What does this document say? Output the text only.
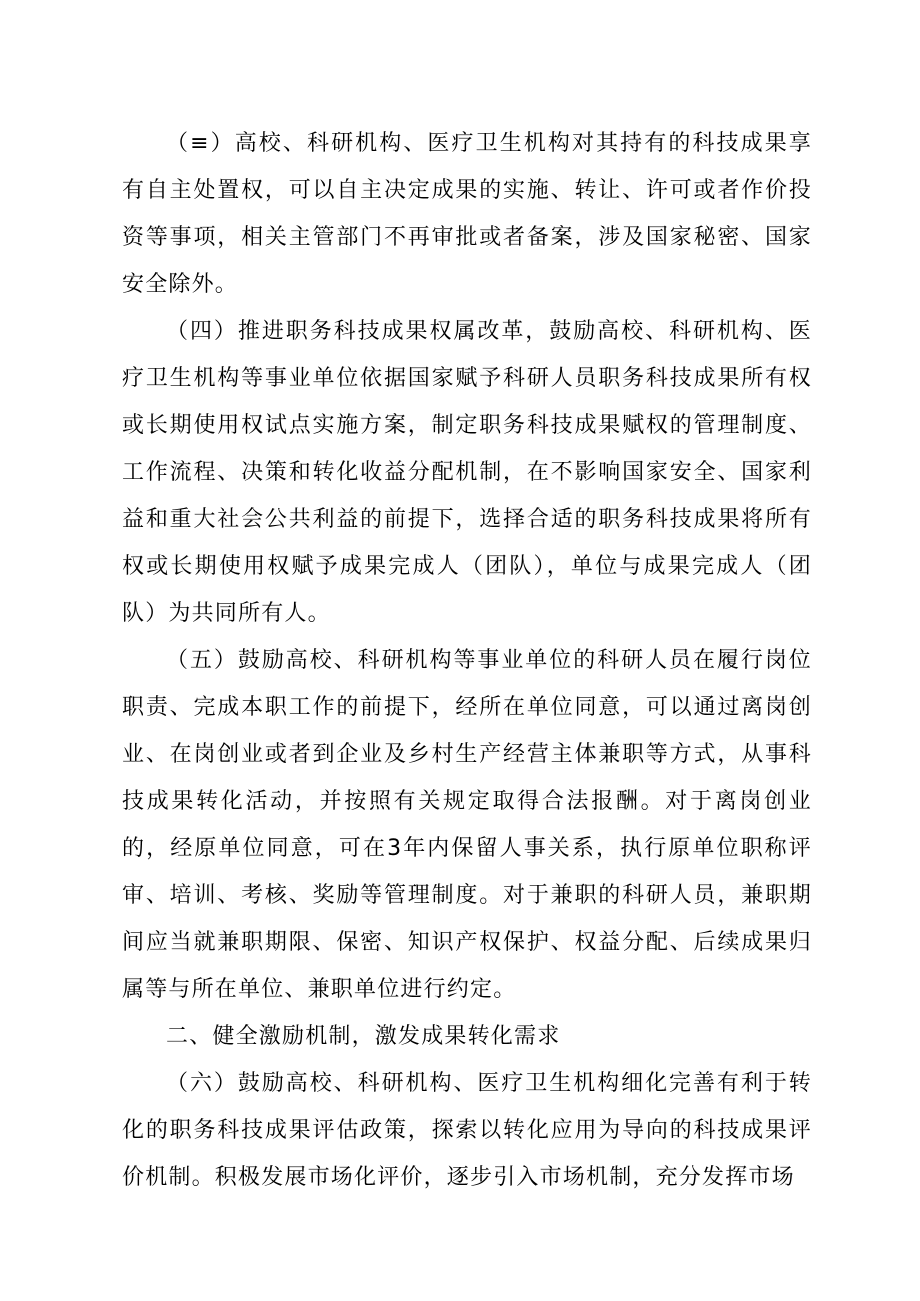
（≡）高校、科研机构、医疗卫生机构对其持有的科技成果享有自主处置权，可以自主决定成果的实施、转让、许可或者作价投资等事项，相关主管部门不再审批或者备案，涉及国家秘密、国家安全除外。

（四）推进职务科技成果权属改革，鼓励高校、科研机构、医疗卫生机构等事业单位依据国家赋予科研人员职务科技成果所有权或长期使用权试点实施方案，制定职务科技成果赋权的管理制度、工作流程、决策和转化收益分配机制，在不影响国家安全、国家利益和重大社会公共利益的前提下，选择合适的职务科技成果将所有权或长期使用权赋予成果完成人（团队），单位与成果完成人（团队）为共同所有人。

（五）鼓励高校、科研机构等事业单位的科研人员在履行岗位职责、完成本职工作的前提下，经所在单位同意，可以通过离岗创业、在岗创业或者到企业及乡村生产经营主体兼职等方式，从事科技成果转化活动，并按照有关规定取得合法报酬。对于离岗创业的，经原单位同意，可在3年内保留人事关系，执行原单位职称评审、培训、考核、奖励等管理制度。对于兼职的科研人员，兼职期间应当就兼职期限、保密、知识产权保护、权益分配、后续成果归属等与所在单位、兼职单位进行约定。

二、健全激励机制，激发成果转化需求

（六）鼓励高校、科研机构、医疗卫生机构细化完善有利于转化的职务科技成果评估政策，探索以转化应用为导向的科技成果评价机制。积极发展市场化评价，逐步引入市场机制，充分发挥市场
